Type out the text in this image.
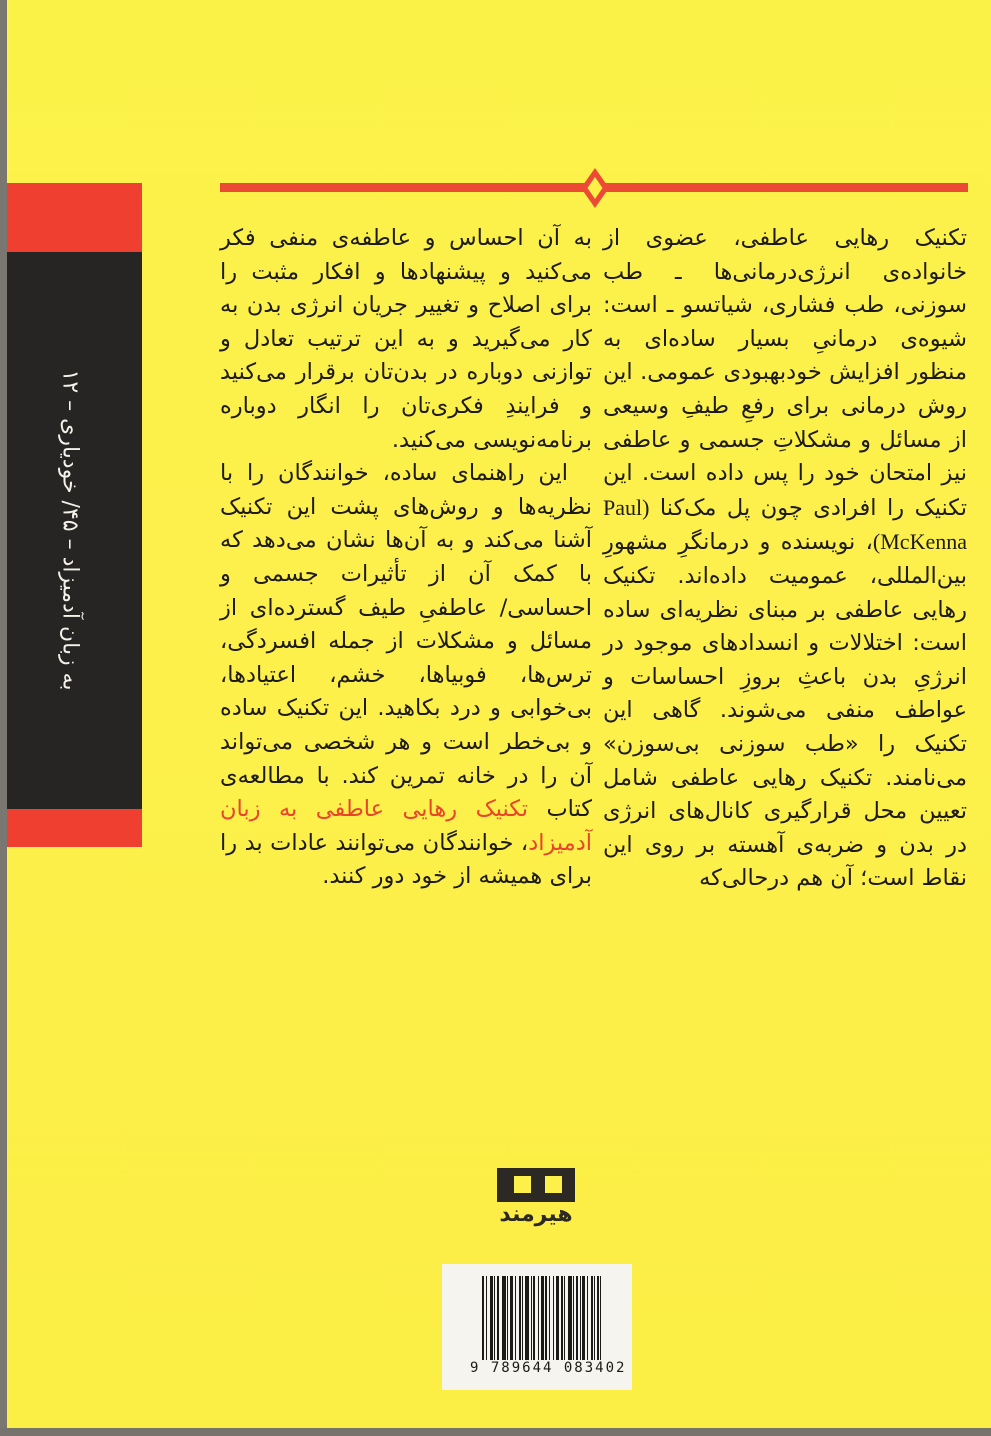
به زبان آدمیزاد – ۴۵/ خودیاری – ۱۲

تکنیک رهایی عاطفی، عضوی از خانواده‌ی انرژی‌درمانی‌ها ـ طب سوزنی، طب فشاری، شیاتسو ـ است: شیوه‌ی درمانیِ بسیار ساده‌ای به منظور افزایش خودبهبودی عمومی. این روش درمانی برای رفعِ طیفِ وسیعی از مسائل و مشکلاتِ جسمی و عاطفی نیز امتحان خود را پس داده است. این تکنیک را افرادی چون پل مک‌کنا (Paul McKenna)، نویسنده و درمانگرِ مشهورِ بین‌المللی، عمومیت داده‌اند. تکنیک رهایی عاطفی بر مبنای نظریه‌ای ساده است: اختلالات و انسدادهای موجود در انرژیِ بدن باعثِ بروزِ احساسات و عواطف منفی می‌شوند. گاهی این تکنیک را «طب سوزنی بی‌سوزن» می‌نامند. تکنیک رهایی عاطفی شامل تعیین محل قرارگیری کانال‌های انرژی در بدن و ضربه‌ی آهسته بر روی این نقاط است؛ آن هم درحالی‌که

به آن احساس و عاطفه‌ی منفی فکر می‌کنید و پیشنهادها و افکار مثبت را برای اصلاح و تغییر جریان انرژی بدن به کار می‌گیرید و به این ترتیب تعادل و توازنی دوباره در بدن‌تان برقرار می‌کنید و فرایندِ فکری‌تان را انگار دوباره برنامه‌نویسی می‌کنید.

این راهنمای ساده، خوانندگان را با نظریه‌ها و روش‌های پشت این تکنیک آشنا می‌کند و به آن‌ها نشان می‌دهد که با کمک آن از تأثیرات جسمی و احساسی/ عاطفیِ طیف گسترده‌ای از مسائل و مشکلات از جمله افسردگی، ترس‌ها، فوبیاها، خشم، اعتیادها، بی‌خوابی و درد بکاهید. این تکنیک ساده و بی‌خطر است و هر شخصی می‌تواند آن را در خانه تمرین کند. با مطالعه‌ی کتاب تکنیک رهایی عاطفی به زبان آدمیزاد، خوانندگان می‌توانند عادات بد را برای همیشه از خود دور کنند.

هیرمند
9 789644 083402
